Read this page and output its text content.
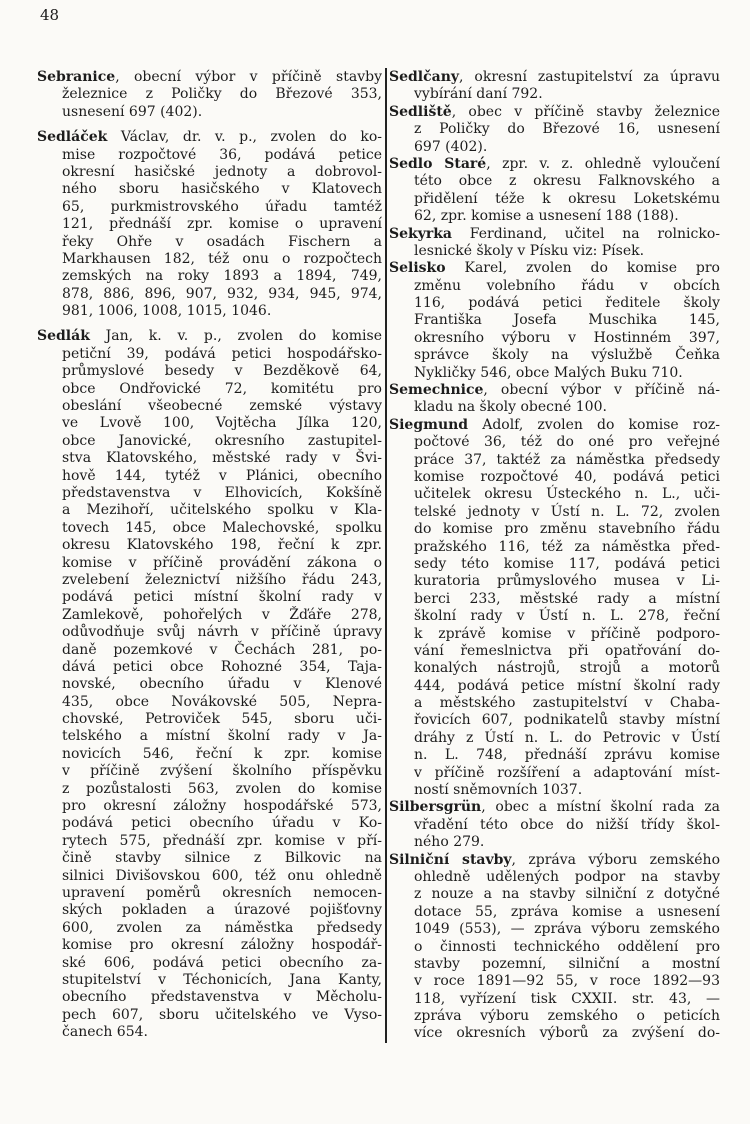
48
Sebranice, obecní výbor v příčině stavby
železnice z Poličky do Březové 353,
usnesení 697 (402).
Sedláček Václav, dr. v. p., zvolen do ko-
mise rozpočtové 36, podává petice
okresní hasičské jednoty a dobrovol-
ného sboru hasičského v Klatovech
65, purkmistrovského úřadu tamtéž
121, přednáší zpr. komise o upravení
řeky Ohře v osadách Fischern a
Markhausen 182, též onu o rozpočtech
zemských na roky 1893 a 1894, 749,
878, 886, 896, 907, 932, 934, 945, 974,
981, 1006, 1008, 1015, 1046.
Sedlák Jan, k. v. p., zvolen do komise
petiční 39, podává petici hospodářsko-
průmyslové besedy v Bezděkově 64,
obce Ondřovické 72, komitétu pro
obeslání všeobecné zemské výstavy
ve Lvově 100, Vojtěcha Jílka 120,
obce Janovické, okresního zastupitel-
stva Klatovského, městské rady v Švi-
hově 144, tytéž v Plánici, obecního
představenstva v Elhovicích, Kokšíně
a Mezihoří, učitelského spolku v Kla-
tovech 145, obce Malechovské, spolku
okresu Klatovského 198, řeční k zpr.
komise v příčině provádění zákona o
zvelebení železnictví nižšího řádu 243,
podává petici místní školní rady v
Zamlekově, pohořelých v Žďáře 278,
odůvodňuje svůj návrh v příčině úpravy
daně pozemkové v Čechách 281, po-
dává petici obce Rohozné 354, Taja-
novské, obecního úřadu v Klenové
435, obce Novákovské 505, Nepra-
chovské, Petroviček 545, sboru uči-
telského a místní školní rady v Ja-
novicích 546, řeční k zpr. komise
v příčině zvýšení školního příspěvku
z pozůstalosti 563, zvolen do komise
pro okresní záložny hospodářské 573,
podává petici obecního úřadu v Ko-
rytech 575, přednáší zpr. komise v pří-
čině stavby silnice z Bilkovic na
silnici Divišovskou 600, též onu ohledně
upravení poměrů okresních nemocen-
ských pokladen a úrazové pojišťovny
600, zvolen za náměstka předsedy
komise pro okresní záložny hospodář-
ské 606, podává petici obecního za-
stupitelství v Téchonicích, Jana Kanty,
obecního představenstva v Měcholu-
pech 607, sboru učitelského ve Vyso-
čanech 654.
Sedlčany, okresní zastupitelství za úpravu
vybírání daní 792.
Sedliště, obec v příčině stavby železnice
z Poličky do Březové 16, usnesení
697 (402).
Sedlo Staré, zpr. v. z. ohledně vyloučení
této obce z okresu Falknovského a
přidělení téže k okresu Loketskému
62, zpr. komise a usnesení 188 (188).
Sekyrka Ferdinand, učitel na rolnicko-
lesnické školy v Písku viz: Písek.
Selisko Karel, zvolen do komise pro
změnu volebního řádu v obcích
116, podává petici ředitele školy
Františka Josefa Muschika 145,
okresního výboru v Hostinném 397,
správce školy na výslužbě Čeňka
Nykličky 546, obce Malých Buku 710.
Semechnice, obecní výbor v příčině ná-
kladu na školy obecné 100.
Siegmund Adolf, zvolen do komise roz-
počtové 36, též do oné pro veřejné
práce 37, taktéž za náměstka předsedy
komise rozpočtové 40, podává petici
učitelek okresu Ústeckého n. L., uči-
telské jednoty v Ústí n. L. 72, zvolen
do komise pro změnu stavebního řádu
pražského 116, též za náměstka před-
sedy této komise 117, podává petici
kuratoria průmyslového musea v Li-
berci 233, městské rady a místní
školní rady v Ústí n. L. 278, řeční
k zprávě komise v příčině podporo-
vání řemeslnictva při opatřování do-
konalých nástrojů, strojů a motorů
444, podává petice místní školní rady
a městského zastupitelství v Chaba-
řovicích 607, podnikatelů stavby místní
dráhy z Ústí n. L. do Petrovic v Ústí
n. L. 748, přednáší zprávu komise
v příčině rozšíření a adaptování míst-
ností sněmovních 1037.
Silbersgrün, obec a místní školní rada za
vřadění této obce do nižší třídy škol-
ného 279.
Silniční stavby, zpráva výboru zemského
ohledně udělených podpor na stavby
z nouze a na stavby silniční z dotyčné
dotace 55, zpráva komise a usnesení
1049 (553), — zpráva výboru zemského
o činnosti technického oddělení pro
stavby pozemní, silniční a mostní
v roce 1891—92 55, v roce 1892—93
118, vyřízení tisk CXXII. str. 43, —
zpráva výboru zemského o peticích
více okresních výborů za zvýšení do-
